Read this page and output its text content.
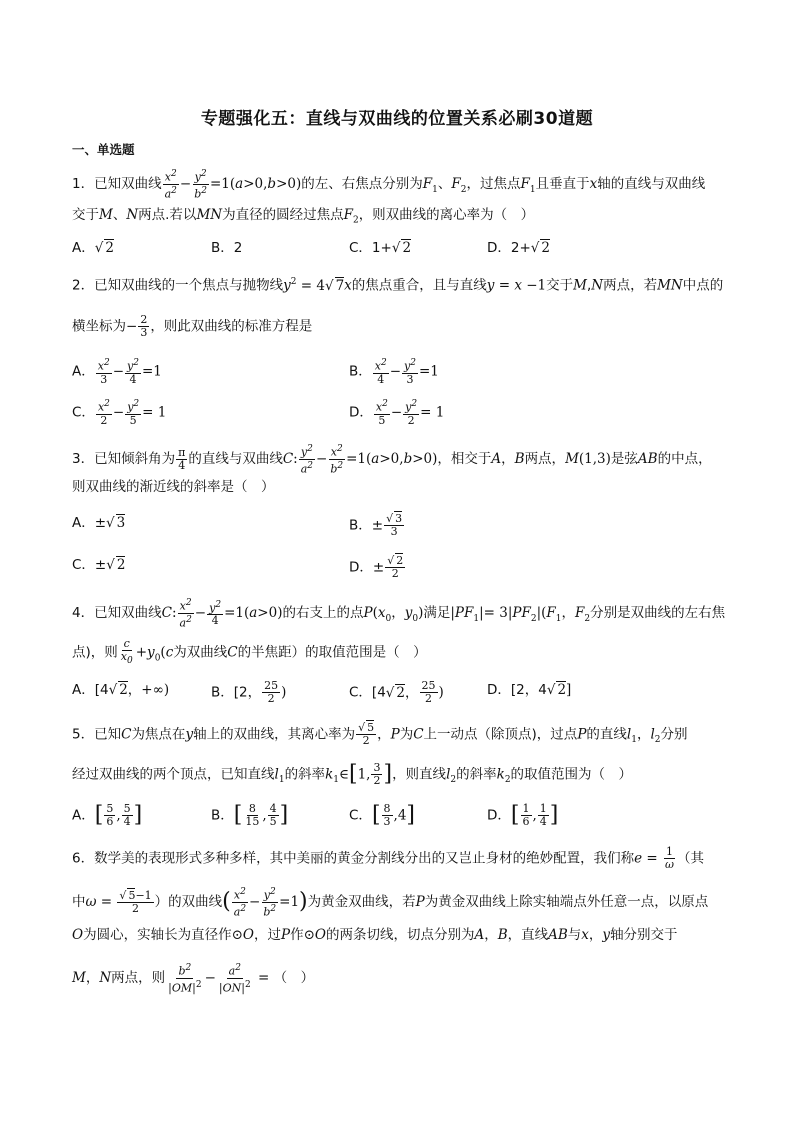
专题强化五：直线与双曲线的位置关系必刷30道题
一、单选题
1．已知双曲线 $\frac{x^2}{a^2} - \frac{y^2}{b^2} =1(a>0,b>0)$的左、右焦点分别为$F_1$、$F_2$，过焦点$F_1$且垂直于x轴的直线与双曲线
交于M、N两点.若以MN为直径的圆经过焦点$F_2$，则双曲线的离心率为（　）
A．√ 2	B．2	C．1+√ 2	D．2+√ 2
2．已知双曲线的一个焦点与抛物线$y^2 = 4√$ 7x的焦点重合，且与直线y = x −1交于M,N两点，若MN中点的
横坐标为− $\frac{2}{3}$ ，则此双曲线的标准方程是
A． $\frac{x^2}{3} - \frac{y^2}{4} =1$	B． $\frac{x^2}{4} - \frac{y^2}{3} =1$
C． $\frac{x^2}{2} - \frac{y^2}{5} = 1$	D． $\frac{x^2}{5} - \frac{y^2}{2} = 1$
3．已知倾斜角为 $\frac{\pi}{4}$ 的直线与双曲线C: $\frac{y^2}{a^2} - \frac{x^2}{b^2} =1(a>0,b>0)$，相交于A，B两点，M(1,3)是弦AB的中点，
则双曲线的渐近线的斜率是（　）
A．±√ 3	B．± $\frac{√ 3}{3}$
C．±√ 2	D．± $\frac{√ 2}{2}$
4．已知双曲线C: $\frac{x^2}{a^2} - \frac{y^2}{4} =1(a>0)$的右支上的点$P(x_0$，$y_0$)满足$|PF_1|= 3|PF_2|(F_1$，$F_2$分别是双曲线的左右焦
点)，则 $\frac{c}{x_0} +y_0(c$为双曲线C的半焦距）的取值范围是（　）
A．[4√ 2，+∞)	B．[2， $\frac{25}{2}$ )	C．[4√ 2， $\frac{25}{2}$ )	D．[2，4√ 2]
5．已知C为焦点在y轴上的双曲线，其离心率为 $\frac{√ 5}{2}$ ，P为C上一动点（除顶点)，过点P的直线$l_1$，$l_2$分别
经过双曲线的两个顶点，已知直线$l_1$的斜率$k_1\in[1$, $\frac{3}{2}$ ]，则直线$l_2$的斜率$k_2$的取值范围为（　）
A．[ $\frac{5}{6}$ , $\frac{5}{4}$ ]	B．[ $\frac{8}{15}$ , $\frac{4}{5}$ ]	C．[ $\frac{8}{3} ,4$]	D．[ $\frac{1}{6}$ , $\frac{1}{4}$ ]
6．数学美的表现形式多种多样，其中美丽的黄金分割线分出的又岂止身材的绝妙配置，我们称$e = \frac{1}{\omega}$ （其
中$\omega = \frac{√ 5-1}{2}$ ）的双曲线( $\frac{x^2}{a^2} - \frac{y^2}{b^2} =1$)为黄金双曲线，若P为黄金双曲线上除实轴端点外任意一点，以原点
O为圆心，实轴长为直径作⊙O，过P作⊙O的两条切线，切点分别为A，B，直线AB与x，y轴分别交于
M，N两点，则 $\frac{b^2}{|OM|^2} - \frac{a^2}{|ON|^2}$ = （　）
